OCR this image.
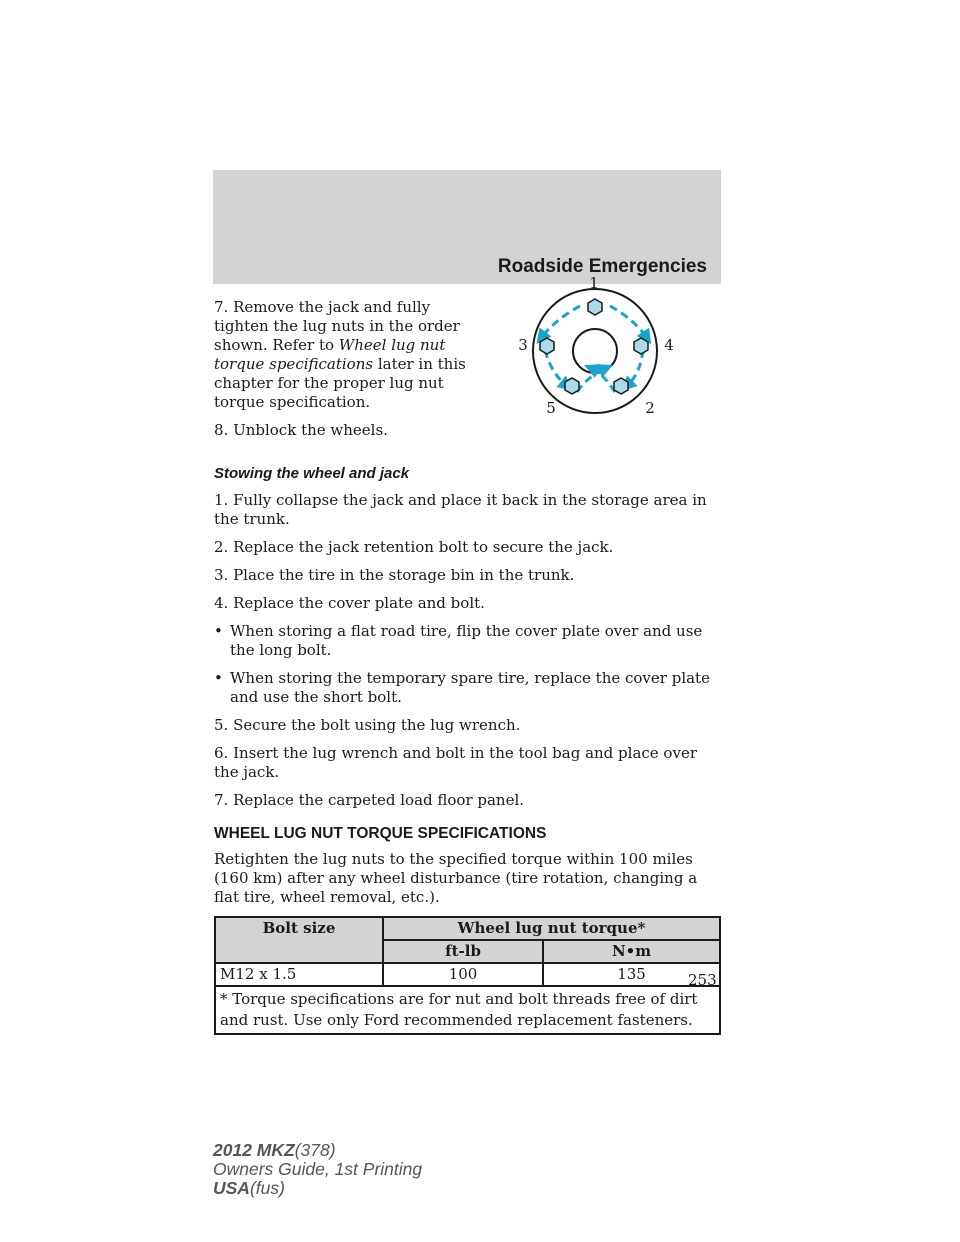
Roadside Emergencies
1
2
3	4
5

7. Remove the jack and fully tighten the lug nuts in the order shown. Refer to Wheel lug nut torque specifications later in this chapter for the proper lug nut torque specification.

8. Unblock the wheels.

Stowing the wheel and jack

1. Fully collapse the jack and place it back in the storage area in the trunk.

2. Replace the jack retention bolt to secure the jack.

3. Place the tire in the storage bin in the trunk.

4. Replace the cover plate and bolt.

• When storing a flat road tire, flip the cover plate over and use the long bolt.
• When storing the temporary spare tire, replace the cover plate and use the short bolt.

5. Secure the bolt using the lug wrench.

6. Insert the lug wrench and bolt in the tool bag and place over the jack.

7. Replace the carpeted load floor panel.

WHEEL LUG NUT TORQUE SPECIFICATIONS

Retighten the lug nuts to the specified torque within 100 miles (160 km) after any wheel disturbance (tire rotation, changing a flat tire, wheel removal, etc.).

Bolt size	Wheel lug nut torque*	
	ft-lb	N•m
M12 x 1.5	100	135
* Torque specifications are for nut and bolt threads free of dirt and rust. Use only Ford recommended replacement fasteners.		
253
2012 MKZ(378)
Owners Guide, 1st Printing
USA(fus)
